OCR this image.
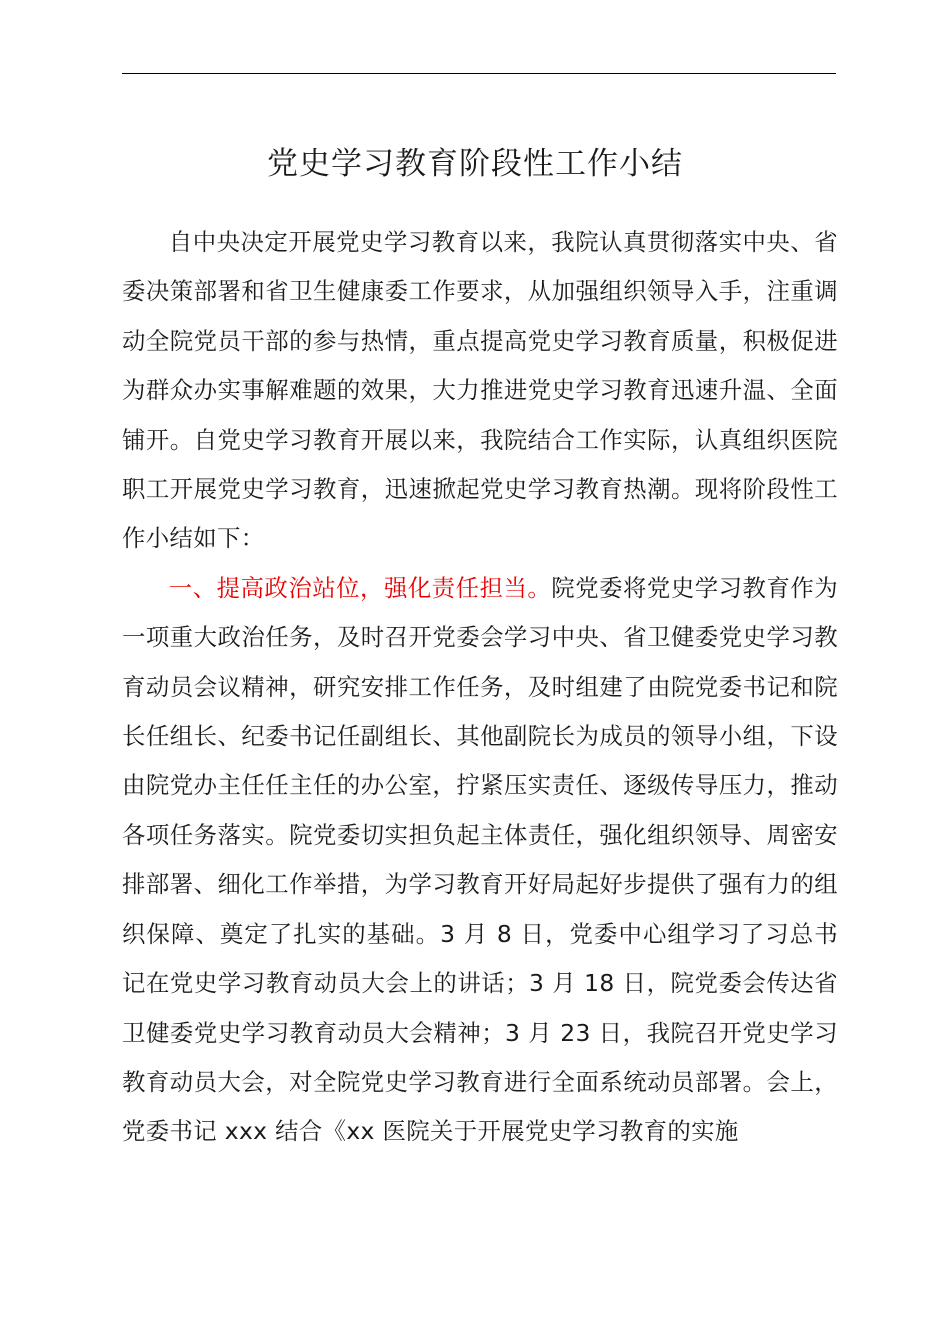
党史学习教育阶段性工作小结

自中央决定开展党史学习教育以来，我院认真贯彻落实中央、省委决策部署和省卫生健康委工作要求，从加强组织领导入手，注重调动全院党员干部的参与热情，重点提高党史学习教育质量，积极促进为群众办实事解难题的效果，大力推进党史学习教育迅速升温、全面铺开。自党史学习教育开展以来，我院结合工作实际，认真组织医院职工开展党史学习教育，迅速掀起党史学习教育热潮。现将阶段性工作小结如下：

一、提高政治站位，强化责任担当。院党委将党史学习教育作为一项重大政治任务，及时召开党委会学习中央、省卫健委党史学习教育动员会议精神，研究安排工作任务，及时组建了由院党委书记和院长任组长、纪委书记任副组长、其他副院长为成员的领导小组，下设由院党办主任任主任的办公室，拧紧压实责任、逐级传导压力，推动各项任务落实。院党委切实担负起主体责任，强化组织领导、周密安排部署、细化工作举措，为学习教育开好局起好步提供了强有力的组织保障、奠定了扎实的基础。3 月 8 日，党委中心组学习了习总书记在党史学习教育动员大会上的讲话；3 月 18 日，院党委会传达省卫健委党史学习教育动员大会精神；3 月 23 日，我院召开党史学习教育动员大会，对全院党史学习教育进行全面系统动员部署。会上，党委书记 xxx 结合《xx 医院关于开展党史学习教育的实施
